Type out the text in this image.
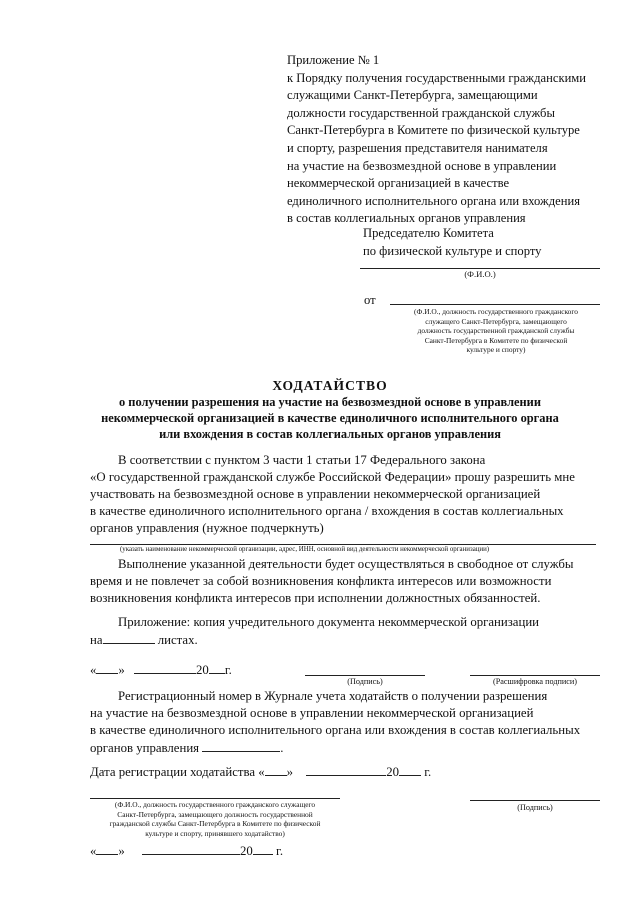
Приложение № 1
к Порядку получения государственными гражданскими
служащими Санкт-Петербурга, замещающими
должности государственной гражданской службы
Санкт-Петербурга в Комитете по физической культуре
и спорту, разрешения представителя нанимателя
на участие на безвозмездной основе в управлении
некоммерческой организацией в качестве
единоличного исполнительного органа или вхождения
в состав коллегиальных органов управления
Председателю Комитета
по физической культуре и спорту
(Ф.И.О.)
от
(Ф.И.О., должность государственного гражданского
служащего Санкт-Петербурга, замещающего
должность государственной гражданской службы
Санкт-Петербурга в Комитете по физической
культуре и спорту)
ХОДАТАЙСТВО
о получении разрешения на участие на безвозмездной основе в управлении
некоммерческой организацией в качестве единоличного исполнительного органа
или вхождения в состав коллегиальных органов управления
В соответствии с пунктом 3 части 1 статьи 17 Федерального закона
«О государственной гражданской службе Российской Федерации» прошу разрешить мне
участвовать на безвозмездной основе в управлении некоммерческой организацией
в качестве единоличного исполнительного органа / вхождения в состав коллегиальных
органов управления (нужное подчеркнуть)
(указать наименование некоммерческой организации, адрес, ИНН, основной вид деятельности некоммерческой организации)
Выполнение указанной деятельности будет осуществляться в свободное от службы
время и не повлечет за собой возникновения конфликта интересов или возможности
возникновения конфликта интересов при исполнении должностных обязанностей.
Приложение: копия учредительного документа некоммерческой организации
на	листах.
« »	20 г.
(Подпись)	(Расшифровка подписи)
Регистрационный номер в Журнале учета ходатайств о получении разрешения
на участие на безвозмездной основе в управлении некоммерческой организацией
в качестве единоличного исполнительного органа или вхождения в состав коллегиальных
органов управления	.
Дата регистрации ходатайства « »	20 г.
(Ф.И.О., должность государственного гражданского служащего
Санкт-Петербурга, замещающего должность государственной
гражданской службы Санкт-Петербурга в Комитете по физической
культуре и спорту, принявшего ходатайство)
(Подпись)
« »	20 г.
